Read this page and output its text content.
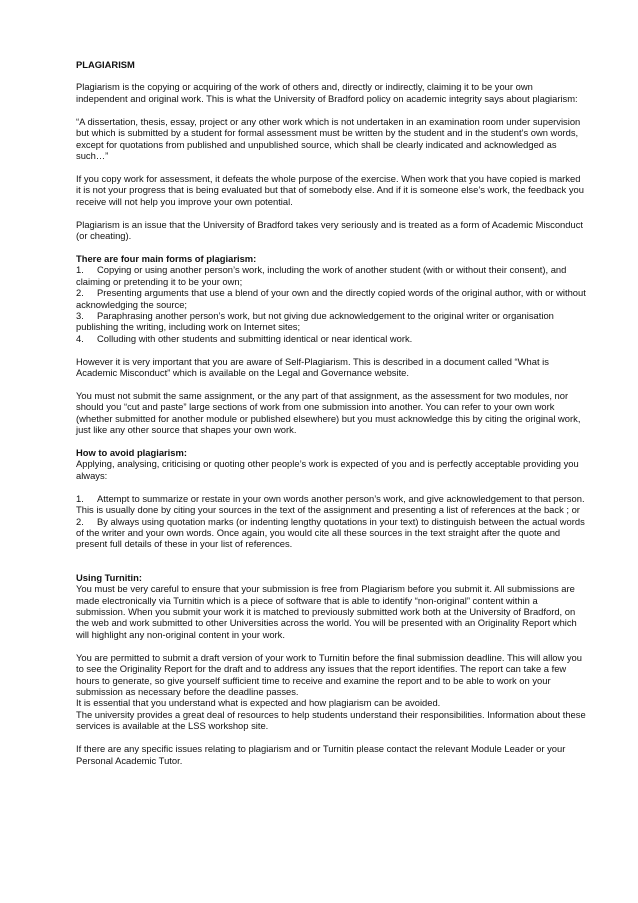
PLAGIARISM

Plagiarism is the copying or acquiring of the work of others and, directly or indirectly, claiming it to be your own independent and original work. This is what the University of Bradford policy on academic integrity says about plagiarism:

“A dissertation, thesis, essay, project or any other work which is not undertaken in an examination room under supervision but which is submitted by a student for formal assessment must be written by the student and in the student’s own words, except for quotations from published and unpublished source, which shall be clearly indicated and acknowledged as such…”

If you copy work for assessment, it defeats the whole purpose of the exercise. When work that you have copied is marked it is not your progress that is being evaluated but that of somebody else. And if it is someone else’s work, the feedback you receive will not help you improve your own potential.

Plagiarism is an issue that the University of Bradford takes very seriously and is treated as a form of Academic Misconduct (or cheating).

There are four main forms of plagiarism:

1. Copying or using another person’s work, including the work of another student (with or without their consent), and claiming or pretending it to be your own;

2. Presenting arguments that use a blend of your own and the directly copied words of the original author, with or without acknowledging the source;

3. Paraphrasing another person’s work, but not giving due acknowledgement to the original writer or organisation publishing the writing, including work on Internet sites;

4. Colluding with other students and submitting identical or near identical work.

However it is very important that you are aware of Self-Plagiarism. This is described in a document called “What is Academic Misconduct” which is available on the Legal and Governance website.

You must not submit the same assignment, or the any part of that assignment, as the assessment for two modules, nor should you “cut and paste” large sections of work from one submission into another. You can refer to your own work (whether submitted for another module or published elsewhere) but you must acknowledge this by citing the original work, just like any other source that shapes your own work.

How to avoid plagiarism:

Applying, analysing, criticising or quoting other people’s work is expected of you and is perfectly acceptable providing you always:

1. Attempt to summarize or restate in your own words another person’s work, and give acknowledgement to that person. This is usually done by citing your sources in the text of the assignment and presenting a list of references at the back ; or

2. By always using quotation marks (or indenting lengthy quotations in your text) to distinguish between the actual words of the writer and your own words. Once again, you would cite all these sources in the text straight after the quote and present full details of these in your list of references.

Using Turnitin:

You must be very careful to ensure that your submission is free from Plagiarism before you submit it. All submissions are made electronically via Turnitin which is a piece of software that is able to identify “non-original” content within a submission. When you submit your work it is matched to previously submitted work both at the University of Bradford, on the web and work submitted to other Universities across the world. You will be presented with an Originality Report which will highlight any non-original content in your work.

You are permitted to submit a draft version of your work to Turnitin before the final submission deadline. This will allow you to see the Originality Report for the draft and to address any issues that the report identifies. The report can take a few hours to generate, so give yourself sufficient time to receive and examine the report and to be able to work on your submission as necessary before the deadline passes.

It is essential that you understand what is expected and how plagiarism can be avoided.

The university provides a great deal of resources to help students understand their responsibilities. Information about these services is available at the LSS workshop site.

If there are any specific issues relating to plagiarism and or Turnitin please contact the relevant Module Leader or your Personal Academic Tutor.
